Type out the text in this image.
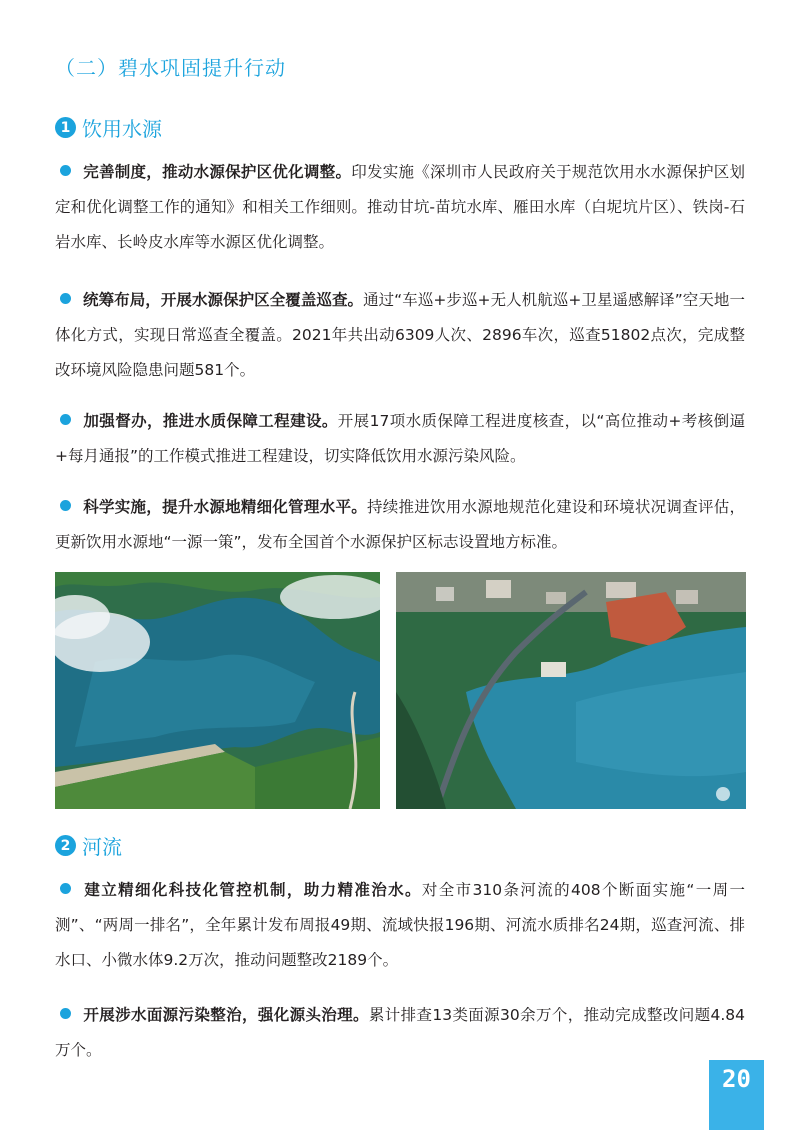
（二）碧水巩固提升行动
1 饮用水源
完善制度，推动水源保护区优化调整。印发实施《深圳市人民政府关于规范饮用水水源保护区划定和优化调整工作的通知》和相关工作细则。推动甘坑-苗坑水库、雁田水库（白坭坑片区）、铁岗-石岩水库、长岭皮水库等水源区优化调整。
统筹布局，开展水源保护区全覆盖巡查。通过“车巡+步巡+无人机航巡+卫星遥感解译”空天地一体化方式，实现日常巡查全覆盖。2021年共出动6309人次、2896车次，巡查51802点次，完成整改环境风险隐患问题581个。
加强督办，推进水质保障工程建设。开展17项水质保障工程进度核查，以“高位推动+考核倒逼+每月通报”的工作模式推进工程建设，切实降低饮用水源污染风险。
科学实施，提升水源地精细化管理水平。持续推进饮用水源地规范化建设和环境状况调查评估，更新饮用水源地“一源一策”，发布全国首个水源保护区标志设置地方标准。
2 河流
建立精细化科技化管控机制，助力精准治水。对全市310条河流的408个断面实施“一周一测”、“两周一排名”，全年累计发布周报49期、流域快报196期、河流水质排名24期，巡查河流、排水口、小微水体9.2万次，推动问题整改2189个。
开展涉水面源污染整治，强化源头治理。累计排查13类面源30余万个，推动完成整改问题4.84万个。
20
